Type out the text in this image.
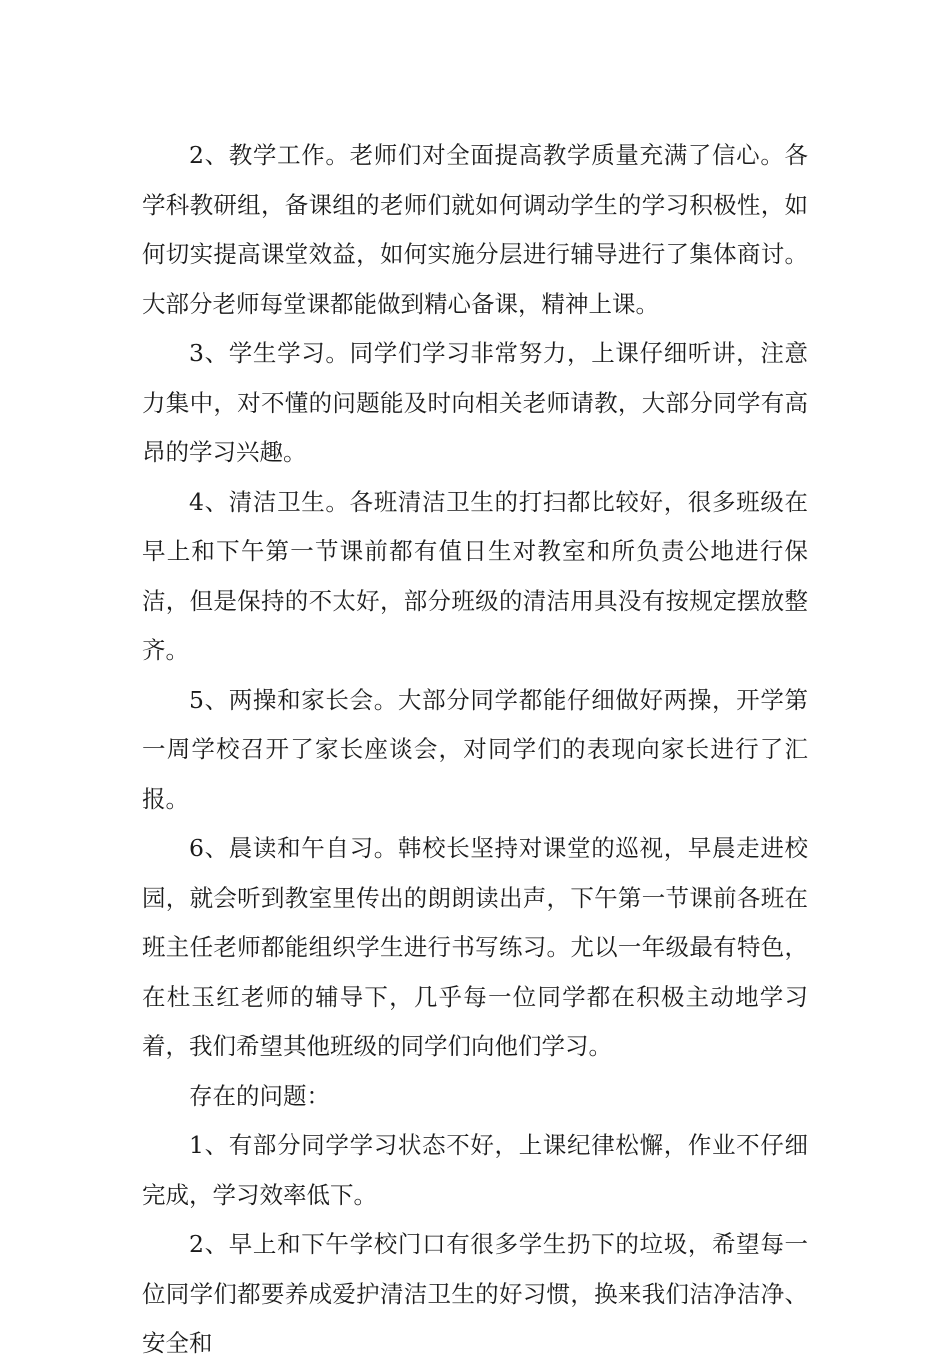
2、教学工作。老师们对全面提高教学质量充满了信心。各学科教研组，备课组的老师们就如何调动学生的学习积极性，如何切实提高课堂效益，如何实施分层进行辅导进行了集体商讨。大部分老师每堂课都能做到精心备课，精神上课。

3、学生学习。同学们学习非常努力，上课仔细听讲，注意力集中，对不懂的问题能及时向相关老师请教，大部分同学有高昂的学习兴趣。

4、清洁卫生。各班清洁卫生的打扫都比较好，很多班级在早上和下午第一节课前都有值日生对教室和所负责公地进行保洁，但是保持的不太好，部分班级的清洁用具没有按规定摆放整齐。

5、两操和家长会。大部分同学都能仔细做好两操，开学第一周学校召开了家长座谈会，对同学们的表现向家长进行了汇报。

6、晨读和午自习。韩校长坚持对课堂的巡视，早晨走进校园，就会听到教室里传出的朗朗读出声，下午第一节课前各班在班主任老师都能组织学生进行书写练习。尤以一年级最有特色，在杜玉红老师的辅导下，几乎每一位同学都在积极主动地学习着，我们希望其他班级的同学们向他们学习。

存在的问题：

1、有部分同学学习状态不好，上课纪律松懈，作业不仔细完成，学习效率低下。

2、早上和下午学校门口有很多学生扔下的垃圾，希望每一位同学们都要养成爱护清洁卫生的好习惯，换来我们洁净洁净、安全和
